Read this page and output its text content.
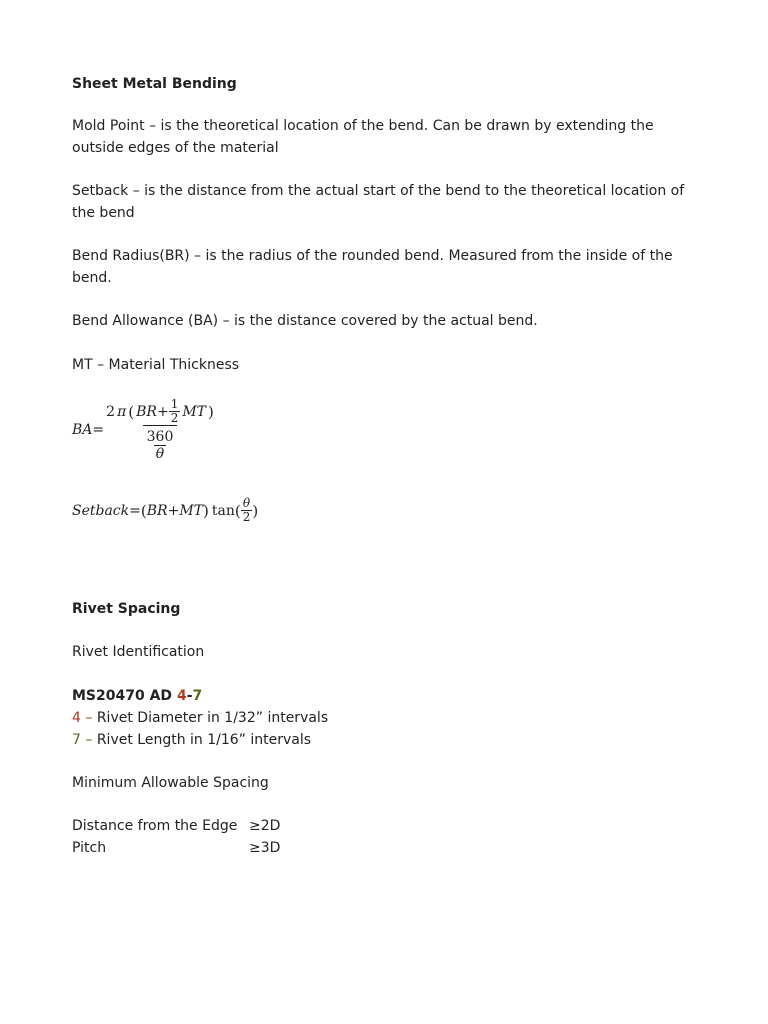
Sheet Metal Bending
Mold Point – is the theoretical location of the bend. Can be drawn by extending the outside edges of the material
Setback – is the distance from the actual start of the bend to the theoretical location of the bend
Bend Radius(BR) – is the radius of the rounded bend. Measured from the inside of the bend.
Bend Allowance (BA) – is the distance covered by the actual bend.
MT – Material Thickness
BA =
2 π ( BR + $\frac{1}{2}$ MT )
$\frac{360}{\theta}$
Setback = ( BR + MT ) tan ( $\frac{\theta}{2}$ )
Rivet Spacing
Rivet Identification
MS20470 AD 4-7
4 – Rivet Diameter in 1/32” intervals
7 – Rivet Length in 1/16” intervals
Minimum Allowable Spacing
Distance from the Edge ≥2D
Pitch	≥3D
